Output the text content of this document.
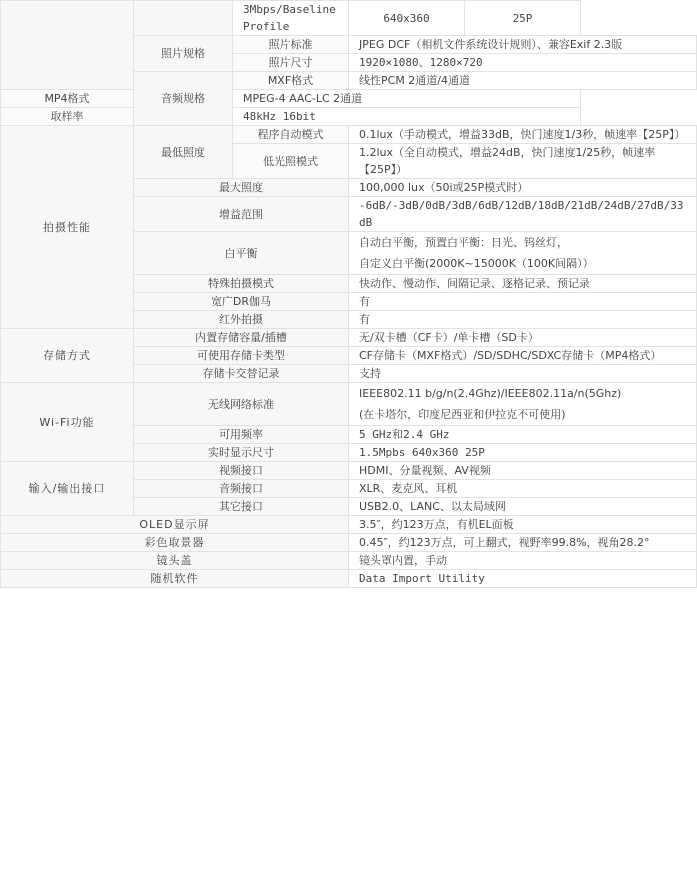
		3Mbps/Baseline Profile	640x360	25P
	照片规格	照片标准	JPEG DCF（相机文件系统设计规则）、兼容Exif 2.3版	
		照片尺寸	1920×1080、1280×720	
	音频规格	MXF格式	线性PCM 2通道/4通道	
MP4格式		MPEG-4 AAC-LC 2通道		
取样率		48kHz 16bit		
拍摄性能	最低照度	程序自动模式	0.1lux（手动模式，增益33dB，快门速度1/3秒，帧速率【25P】）	
		低光照模式	1.2lux（全自动模式，增益24dB，快门速度1/25秒，帧速率【25P】）	
	最大照度		100,000 lux（50i或25P模式时）	
	增益范围		-6dB/-3dB/0dB/3dB/6dB/12dB/18dB/21dB/24dB/27dB/33dB	
	白平衡		自动白平衡，预置白平衡：日光、钨丝灯，
自定义白平衡(2000K~15000K（100K间隔））	

	特殊拍摄模式		快动作、慢动作、间隔记录、逐格记录、预记录	
	宽广DR伽马		有	
	红外拍摄		有	
存储方式	内置存储容量/插槽		无/双卡槽（CF卡）/单卡槽（SD卡）	
	可使用存储卡类型		CF存储卡（MXF格式）/SD/SDHC/SDXC存储卡（MP4格式）	
	存储卡交替记录		支持	
Wi-Fi功能	无线网络标准		IEEE802.11 b/g/n(2.4Ghz)/IEEE802.11a/n(5Ghz)
(在卡塔尔，印度尼西亚和伊拉克不可使用)	

	可用频率		5 GHz和2.4 GHz	
	实时显示尺寸		1.5Mpbs 640x360 25P	
输入/输出接口	视频接口		HDMI、分量视频、AV视频	
	音频接口		XLR、麦克风、耳机	
	其它接口		USB2.0、LANC、以太局域网	
OLED显示屏			3.5″，约123万点，有机EL面板	
彩色取景器			0.45″，约123万点，可上翻式，视野率99.8%，视角28.2°	
镜头盖			镜头罩内置，手动	
随机软件			Data Import Utility	
